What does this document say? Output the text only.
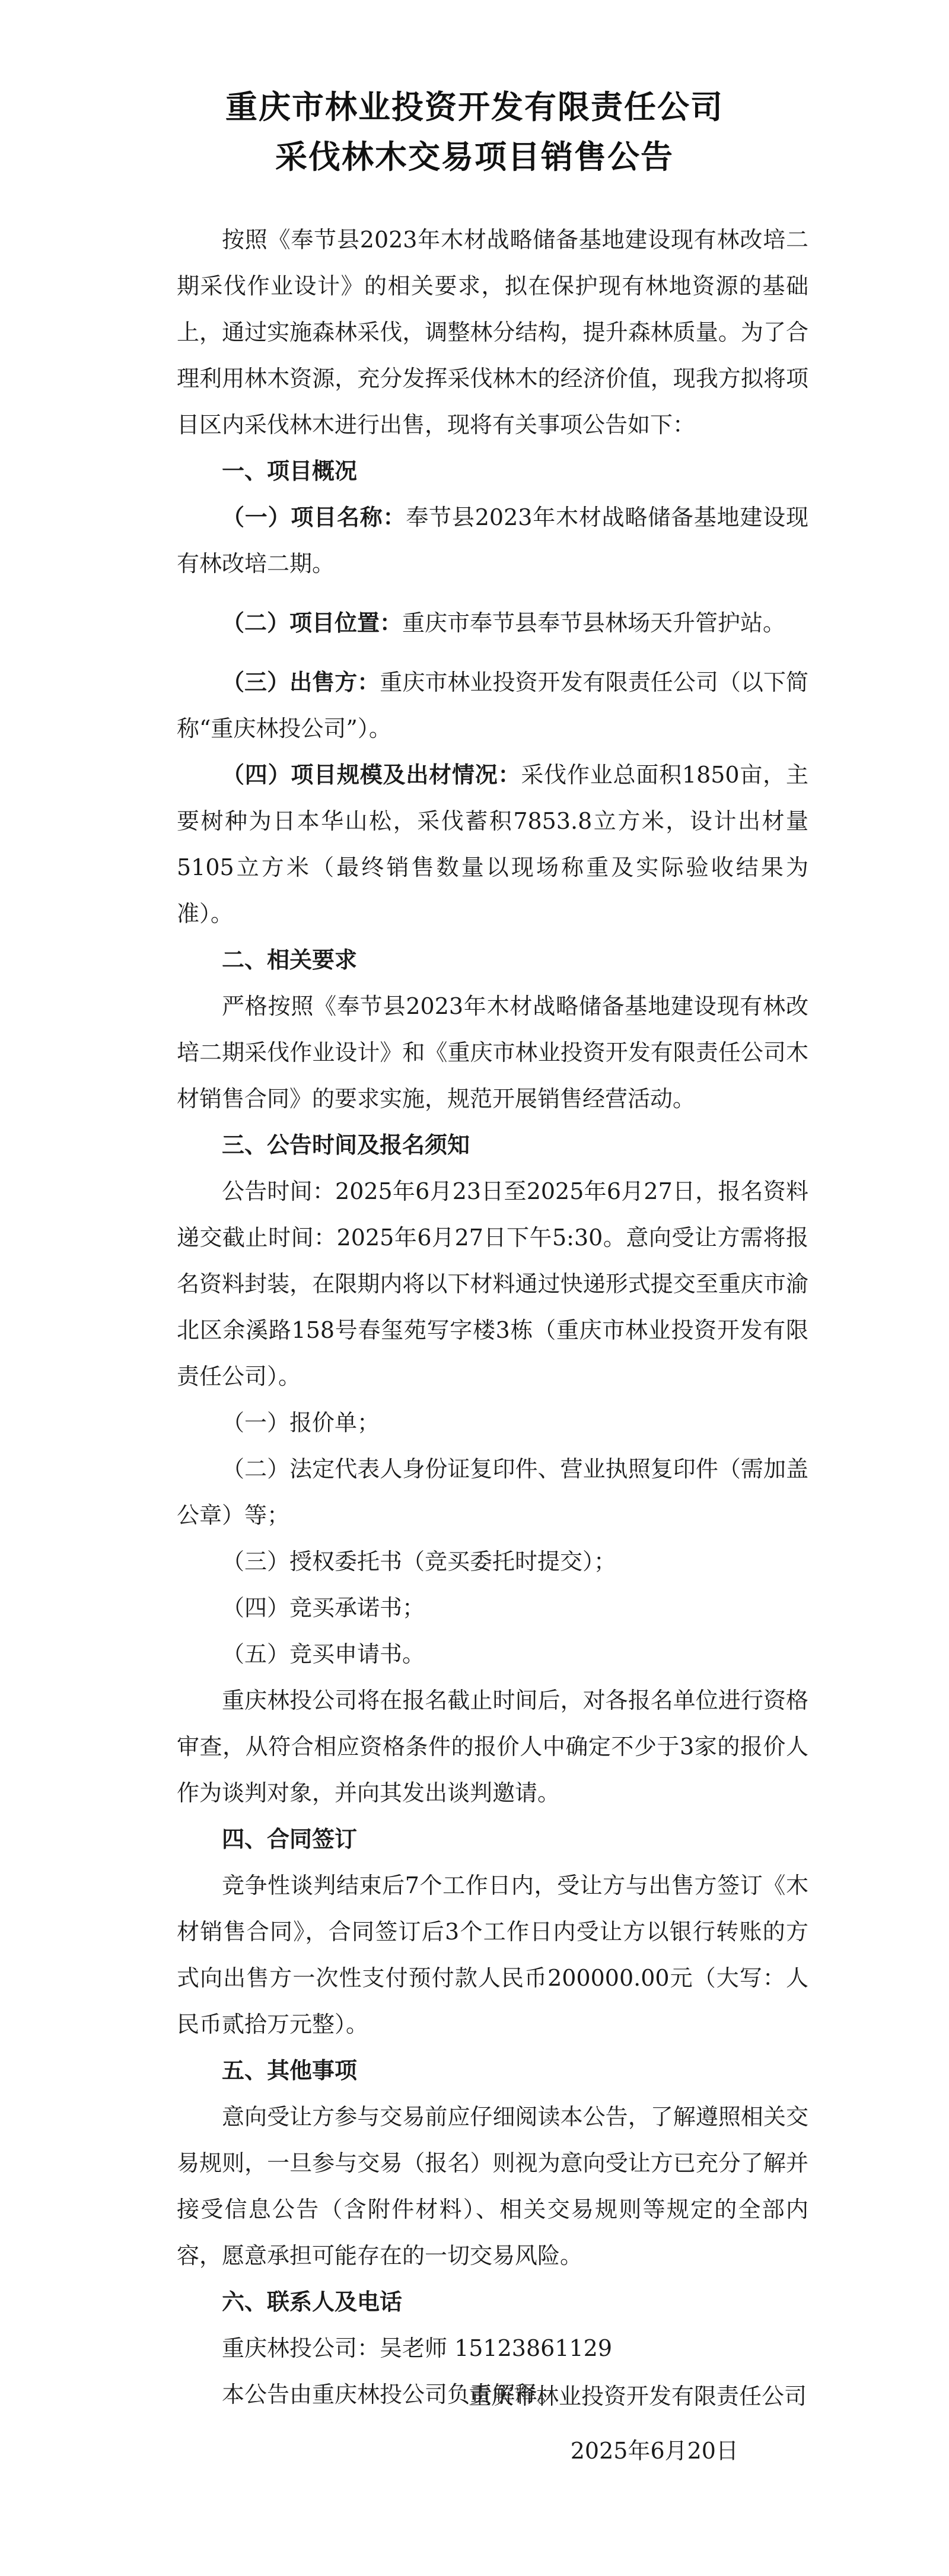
重庆市林业投资开发有限责任公司
采伐林木交易项目销售公告

按照《奉节县2023年木材战略储备基地建设现有林改培二期采伐作业设计》的相关要求，拟在保护现有林地资源的基础上，通过实施森林采伐，调整林分结构，提升森林质量。为了合理利用林木资源，充分发挥采伐林木的经济价值，现我方拟将项目区内采伐林木进行出售，现将有关事项公告如下：

一、项目概况

（一）项目名称：奉节县2023年木材战略储备基地建设现有林改培二期。

（二）项目位置：重庆市奉节县奉节县林场天升管护站。

（三）出售方：重庆市林业投资开发有限责任公司（以下简称“重庆林投公司”）。

（四）项目规模及出材情况：采伐作业总面积1850亩，主要树种为日本华山松，采伐蓄积7853.8立方米，设计出材量5105立方米（最终销售数量以现场称重及实际验收结果为准）。

二、相关要求

严格按照《奉节县2023年木材战略储备基地建设现有林改培二期采伐作业设计》和《重庆市林业投资开发有限责任公司木材销售合同》的要求实施，规范开展销售经营活动。

三、公告时间及报名须知

公告时间：2025年6月23日至2025年6月27日，报名资料递交截止时间：2025年6月27日下午5:30。意向受让方需将报名资料封装，在限期内将以下材料通过快递形式提交至重庆市渝北区余溪路158号春玺苑写字楼3栋（重庆市林业投资开发有限责任公司）。

（一）报价单；

（二）法定代表人身份证复印件、营业执照复印件（需加盖公章）等；

（三）授权委托书（竞买委托时提交）；

（四）竞买承诺书；

（五）竞买申请书。

重庆林投公司将在报名截止时间后，对各报名单位进行资格审查，从符合相应资格条件的报价人中确定不少于3家的报价人作为谈判对象，并向其发出谈判邀请。

四、合同签订

竞争性谈判结束后7个工作日内，受让方与出售方签订《木材销售合同》，合同签订后3个工作日内受让方以银行转账的方式向出售方一次性支付预付款人民币200000.00元（大写：人民币贰拾万元整）。

五、其他事项

意向受让方参与交易前应仔细阅读本公告，了解遵照相关交易规则，一旦参与交易（报名）则视为意向受让方已充分了解并接受信息公告（含附件材料）、相关交易规则等规定的全部内容，愿意承担可能存在的一切交易风险。

六、联系人及电话

重庆林投公司：吴老师 15123861129

本公告由重庆林投公司负责解释。

重庆市林业投资开发有限责任公司
2025年6月20日
